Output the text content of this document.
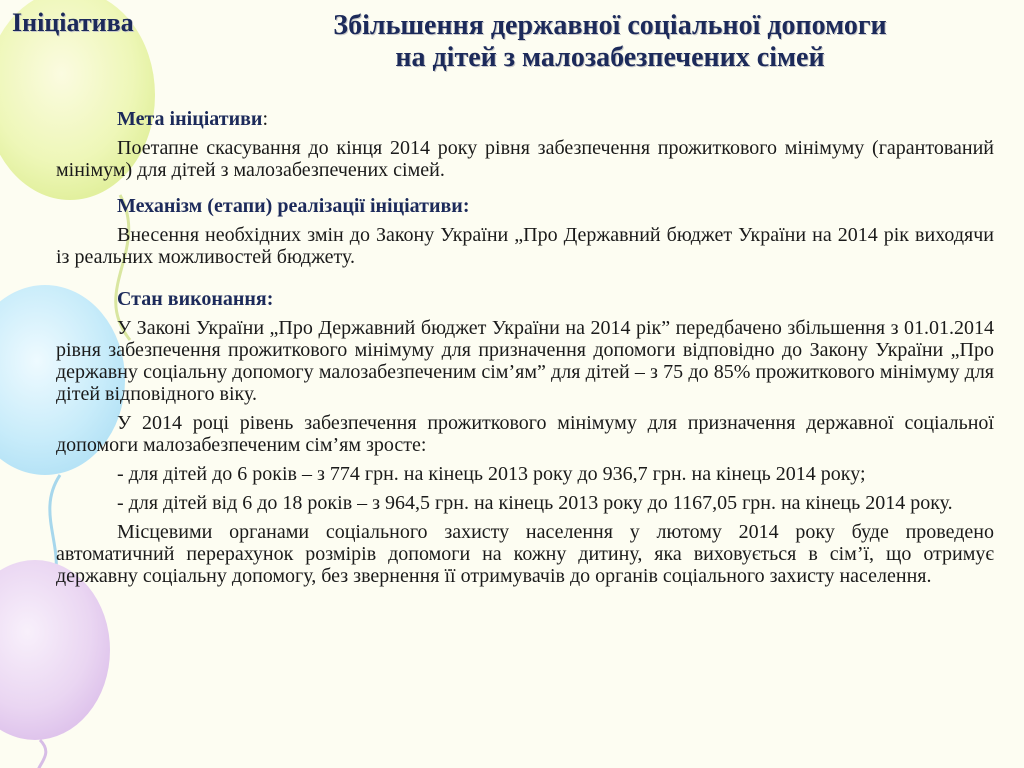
Ініціатива	Збільшення державної соціальної допомоги
на дітей з малозабезпечених сімей

Мета ініціативи:

Поетапне скасування до кінця 2014 року рівня забезпечення прожиткового мінімуму (гарантований мінімум) для дітей з малозабезпечених сімей.

Механізм (етапи) реалізації ініціативи:

Внесення необхідних змін до Закону України „Про Державний бюджет України на 2014 рік виходячи із реальних можливостей бюджету.

Стан виконання:

У Законі України „Про Державний бюджет України на 2014 рік” передбачено збільшення з 01.01.2014 рівня забезпечення прожиткового мінімуму для призначення допомоги відповідно до Закону України „Про державну соціальну допомогу малозабезпеченим сім’ям” для дітей – з 75 до 85% прожиткового мінімуму для дітей відповідного віку.

У 2014 році рівень забезпечення прожиткового мінімуму для призначення державної соціальної допомоги малозабезпеченим сім’ям зросте:

- для дітей до 6 років – з 774 грн. на кінець 2013 року до 936,7 грн. на кінець 2014 року;

- для дітей від 6 до 18 років – з 964,5 грн. на кінець 2013 року до 1167,05 грн. на кінець 2014 року.

Місцевими органами соціального захисту населення у лютому 2014 року буде проведено автоматичний перерахунок розмірів допомоги на кожну дитину, яка виховується в сім’ї, що отримує державну соціальну допомогу, без звернення її отримувачів до органів соціального захисту населення.
